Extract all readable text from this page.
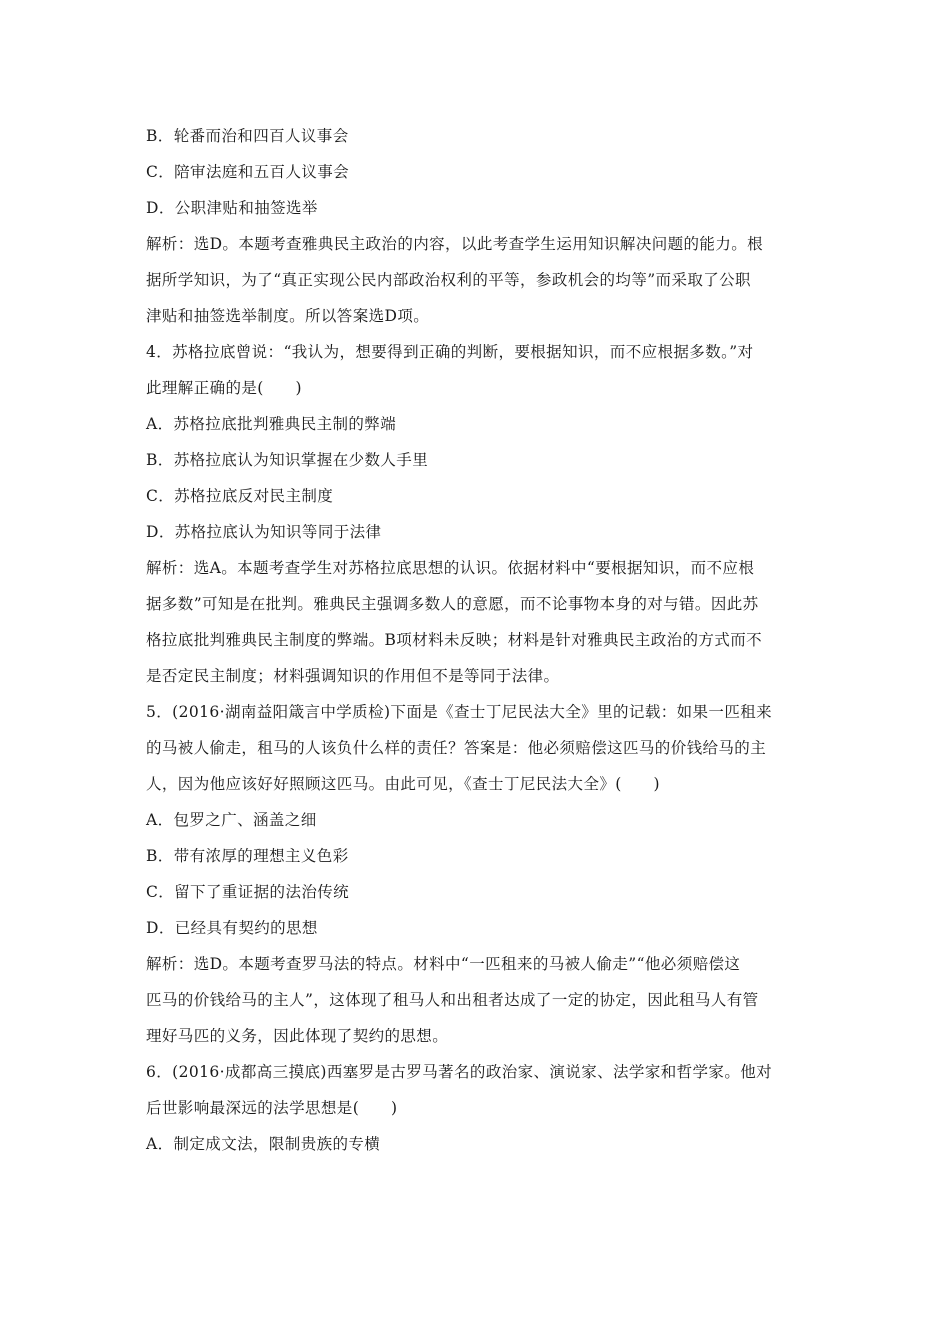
B．轮番而治和四百人议事会
C．陪审法庭和五百人议事会
D．公职津贴和抽签选举
解析：选D。本题考查雅典民主政治的内容，以此考查学生运用知识解决问题的能力。根
据所学知识，为了“真正实现公民内部政治权利的平等，参政机会的均等”而采取了公职
津贴和抽签选举制度。所以答案选D项。
4．苏格拉底曾说：“我认为，想要得到正确的判断，要根据知识，而不应根据多数。”对
此理解正确的是(　　)
A．苏格拉底批判雅典民主制的弊端
B．苏格拉底认为知识掌握在少数人手里
C．苏格拉底反对民主制度
D．苏格拉底认为知识等同于法律
解析：选A。本题考查学生对苏格拉底思想的认识。依据材料中“要根据知识，而不应根
据多数”可知是在批判。雅典民主强调多数人的意愿，而不论事物本身的对与错。因此苏
格拉底批判雅典民主制度的弊端。B项材料未反映；材料是针对雅典民主政治的方式而不
是否定民主制度；材料强调知识的作用但不是等同于法律。
5．(2016·湖南益阳箴言中学质检)下面是《查士丁尼民法大全》里的记载：如果一匹租来
的马被人偷走，租马的人该负什么样的责任？答案是：他必须赔偿这匹马的价钱给马的主
人，因为他应该好好照顾这匹马。由此可见，《查士丁尼民法大全》(　　)
A．包罗之广、涵盖之细
B．带有浓厚的理想主义色彩
C．留下了重证据的法治传统
D．已经具有契约的思想
解析：选D。本题考查罗马法的特点。材料中“一匹租来的马被人偷走”“他必须赔偿这
匹马的价钱给马的主人”，这体现了租马人和出租者达成了一定的协定，因此租马人有管
理好马匹的义务，因此体现了契约的思想。
6．(2016·成都高三摸底)西塞罗是古罗马著名的政治家、演说家、法学家和哲学家。他对
后世影响最深远的法学思想是(　　)
A．制定成文法，限制贵族的专横
